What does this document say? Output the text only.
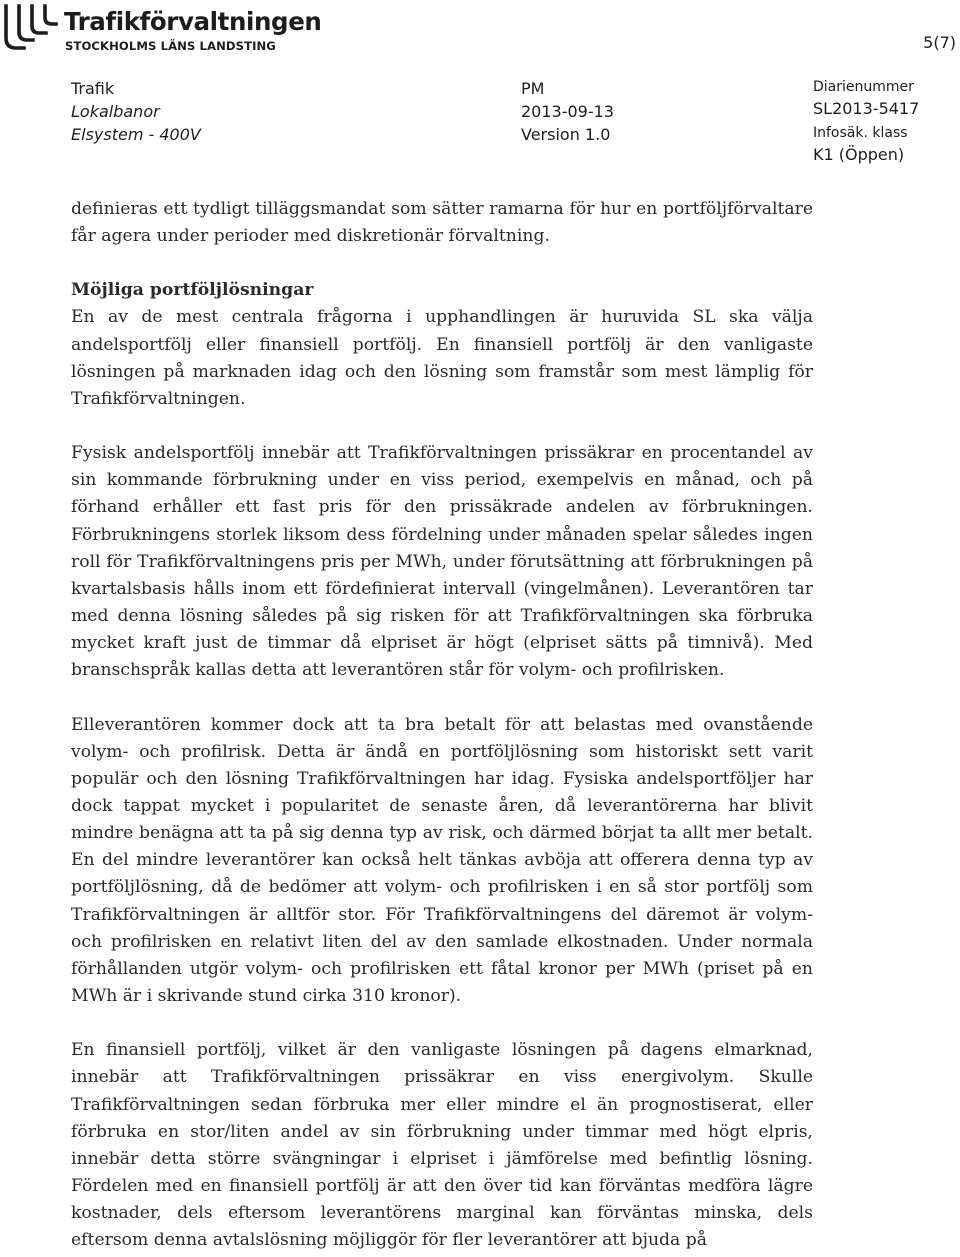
Trafikförvaltningen
STOCKHOLMS LÄNS LANDSTING	5(7)
Trafik
Lokalbanor
Elsystem - 400V
PM
2013-09-13
Version 1.0
Diarienummer
SL2013-5417
Infosäk. klass
K1 (Öppen)

definieras ett tydligt tilläggsmandat som sätter ramarna för hur en portföljförvaltare får agera under perioder med diskretionär förvaltning.

Möjliga portföljlösningar

En av de mest centrala frågorna i upphandlingen är huruvida SL ska välja andelsportfölj eller finansiell portfölj. En finansiell portfölj är den vanligaste lösningen på marknaden idag och den lösning som framstår som mest lämplig för Trafikförvaltningen.

Fysisk andelsportfölj innebär att Trafikförvaltningen prissäkrar en procentandel av sin kommande förbrukning under en viss period, exempelvis en månad, och på förhand erhåller ett fast pris för den prissäkrade andelen av förbrukningen. Förbrukningens storlek liksom dess fördelning under månaden spelar således ingen roll för Trafikförvaltningens pris per MWh, under förutsättning att förbrukningen på kvartalsbasis hålls inom ett fördefinierat intervall (vingelmånen). Leverantören tar med denna lösning således på sig risken för att Trafikförvaltningen ska förbruka mycket kraft just de timmar då elpriset är högt (elpriset sätts på timnivå). Med branschspråk kallas detta att leverantören står för volym- och profilrisken.

Elleverantören kommer dock att ta bra betalt för att belastas med ovanstående volym- och profilrisk. Detta är ändå en portföljlösning som historiskt sett varit populär och den lösning Trafikförvaltningen har idag. Fysiska andelsportföljer har dock tappat mycket i popularitet de senaste åren, då leverantörerna har blivit mindre benägna att ta på sig denna typ av risk, och därmed börjat ta allt mer betalt. En del mindre leverantörer kan också helt tänkas avböja att offerera denna typ av portföljlösning, då de bedömer att volym- och profilrisken i en så stor portfölj som Trafikförvaltningen är alltför stor. För Trafikförvaltningens del däremot är volym- och profilrisken en relativt liten del av den samlade elkostnaden. Under normala förhållanden utgör volym- och profilrisken ett fåtal kronor per MWh (priset på en MWh är i skrivande stund cirka 310 kronor).

En finansiell portfölj, vilket är den vanligaste lösningen på dagens elmarknad, innebär att Trafikförvaltningen prissäkrar en viss energivolym. Skulle Trafikförvaltningen sedan förbruka mer eller mindre el än prognostiserat, eller förbruka en stor/liten andel av sin förbrukning under timmar med högt elpris, innebär detta större svängningar i elpriset i jämförelse med befintlig lösning. Fördelen med en finansiell portfölj är att den över tid kan förväntas medföra lägre kostnader, dels eftersom leverantörens marginal kan förväntas minska, dels eftersom denna avtalslösning möjliggör för fler leverantörer att bjuda på
